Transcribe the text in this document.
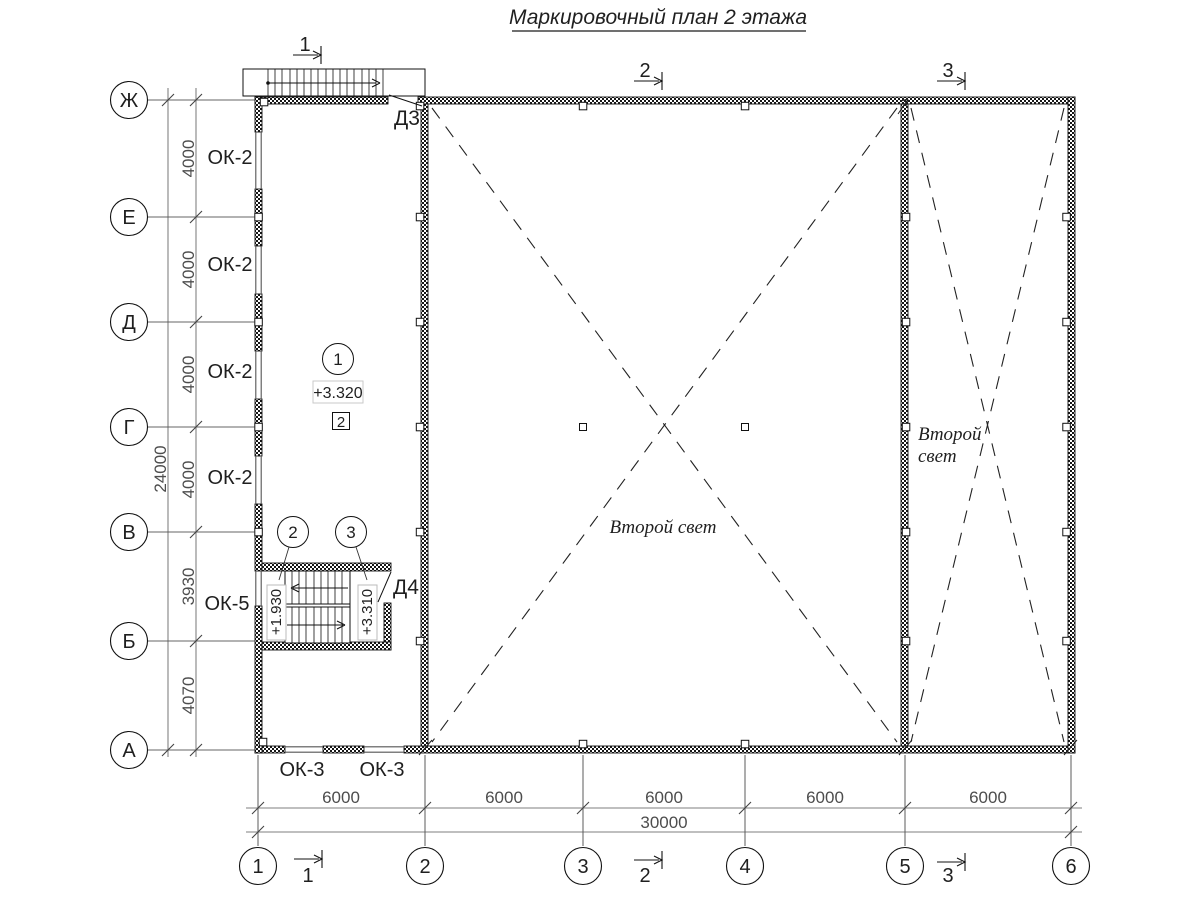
Маркировочный план 2 этажа
Ж
Е
Д
Г
В
Б
А
4000
4000
4000
4000
3930
4070
24000
1	2	3	4	5	6
6000	6000	6000	6000	6000
30000
1
2	3
1	2	3
ОК-2
ОК-2
ОК-2
ОК-2
ОК-5
ОК-3 ОК-3
Д3
Д4
1
+3.320
2
2	3
+1.930	+3.310
Второй свет
Второй
свет
